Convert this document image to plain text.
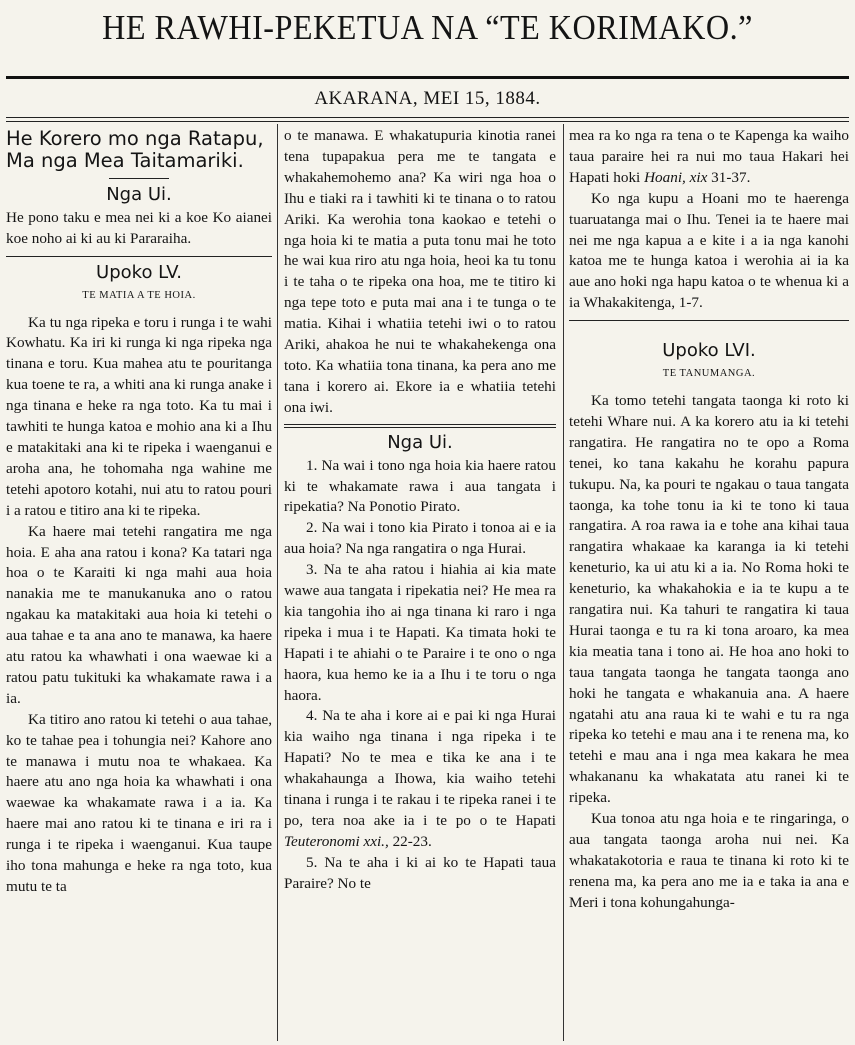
HE RAWHI-PEKETUA NA “TE KORIMAKO.”
AKARANA, MEI 15, 1884.
He Korero mo nga Ratapu, Ma nga Mea Taitamariki.
Nga Ui.

He pono taku e mea nei ki a koe Ko aianei koe noho ai ki au ki Pararaiha.

Upoko LV.
TE MATIA A TE HOIA.

Ka tu nga ripeka e toru i runga i te wahi Kowhatu. Ka iri ki runga ki nga ripeka nga tinana e toru. Kua mahea atu te pouritanga kua toene te ra, a whiti ana ki runga anake i nga tinana e heke ra nga toto. Ka tu mai i tawhiti te hunga katoa e mohio ana ki a Ihu e matakitaki ana ki te ripeka i waenganui e aroha ana, he tohomaha nga wahine me tetehi apotoro kotahi, nui atu to ratou pouri i a ratou e titiro ana ki te ripeka.

Ka haere mai tetehi rangatira me nga hoia. E aha ana ratou i kona? Ka tatari nga hoa o te Karaiti ki nga mahi aua hoia nanakia me te manukanuka ano o ratou ngakau ka matakitaki aua hoia ki tetehi o aua tahae e ta ana ano te manawa, ka haere atu ratou ka whawhati i ona waewae ki a ratou patu tukituki ka whakamate rawa i a ia.

Ka titiro ano ratou ki tetehi o aua tahae, ko te tahae pea i tohungia nei? Kahore ano te manawa i mutu noa te whakaea. Ka haere atu ano nga hoia ka whawhati i ona waewae ka whakamate rawa i a ia. Ka haere mai ano ratou ki te tinana e iri ra i runga i te ripeka i waenganui. Kua taupe iho tona mahunga e heke ra nga toto, kua mutu te ta

o te manawa. E whakatupuria kinotia ranei tena tupapakua pera me te tangata e whakahemohemo ana? Ka wiri nga hoa o Ihu e tiaki ra i tawhiti ki te tinana o to ratou Ariki. Ka werohia tona kaokao e tetehi o nga hoia ki te matia a puta tonu mai he toto he wai kua riro atu nga hoia, heoi ka tu tonu i te taha o te ripeka ona hoa, me te titiro ki nga tepe toto e puta mai ana i te tunga o te matia. Kihai i whatiia tetehi iwi o to ratou Ariki, ahakoa he nui te whakahekenga ona toto. Ka whatiia tona tinana, ka pera ano me tana i korero ai. Ekore ia e whatiia tetehi ona iwi.

Nga Ui.

1. Na wai i tono nga hoia kia haere ratou ki te whakamate rawa i aua tangata i ripekatia? Na Ponotio Pirato.

2. Na wai i tono kia Pirato i tonoa ai e ia aua hoia? Na nga rangatira o nga Hurai.

3. Na te aha ratou i hiahia ai kia mate wawe aua tangata i ripekatia nei? He mea ra kia tangohia iho ai nga tinana ki raro i nga ripeka i mua i te Hapati. Ka timata hoki te Hapati i te ahiahi o te Paraire i te ono o nga haora, kua hemo ke ia a Ihu i te toru o nga haora.

4. Na te aha i kore ai e pai ki nga Hurai kia waiho nga tinana i nga ripeka i te Hapati? No te mea e tika ke ana i te whakahaunga a Ihowa, kia waiho tetehi tinana i runga i te rakau i te ripeka ranei i te po, tera noa ake ia i te po o te Hapati Teuteronomi xxi., 22-23.

5. Na te aha i ki ai ko te Hapati taua Paraire? No te

mea ra ko nga ra tena o te Kapenga ka waiho taua paraire hei ra nui mo taua Hakari hei Hapati hoki Hoani, xix 31-37.

Ko nga kupu a Hoani mo te haerenga tuaruatanga mai o Ihu. Tenei ia te haere mai nei me nga kapua a e kite i a ia nga kanohi katoa me te hunga katoa i werohia ai ia ka aue ano hoki nga hapu katoa o te whenua ki a ia Whakakitenga, 1-7.

Upoko LVI.
TE TANUMANGA.

Ka tomo tetehi tangata taonga ki roto ki tetehi Whare nui. A ka korero atu ia ki tetehi rangatira. He rangatira no te opo a Roma tenei, ko tana kakahu he korahu papura tukupu. Na, ka pouri te ngakau o taua tangata taonga, ka tohe tonu ia ki te tono ki taua rangatira. A roa rawa ia e tohe ana kihai taua rangatira whakaae ka karanga ia ki tetehi keneturio, ka ui atu ki a ia. No Roma hoki te keneturio, ka whakahokia e ia te kupu a te rangatira nui. Ka tahuri te rangatira ki taua Hurai taonga e tu ra ki tona aroaro, ka mea kia meatia tana i tono ai. He hoa ano hoki to taua tangata taonga he tangata taonga ano hoki he tangata e whakanuia ana. A haere ngatahi atu ana raua ki te wahi e tu ra nga ripeka ko tetehi e mau ana i te renena ma, ko tetehi e mau ana i nga mea kakara he mea whakananu ka whakatata atu ranei ki te ripeka.

Kua tonoa atu nga hoia e te ringaringa, o aua tangata taonga aroha nui nei. Ka whakatakotoria e raua te tinana ki roto ki te renena ma, ka pera ano me ia e taka ia ana e Meri i tona kohungahunga-
